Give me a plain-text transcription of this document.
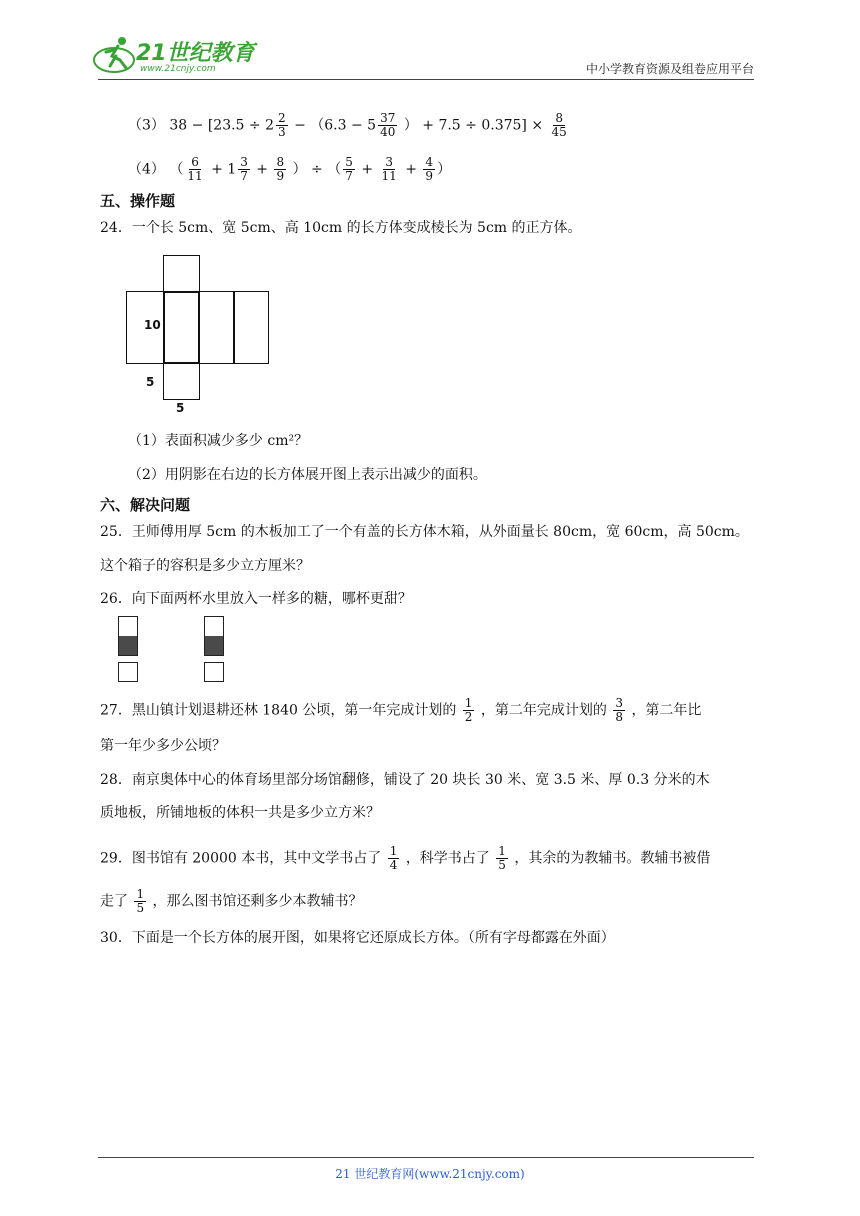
21世纪教育
www.21cnjy.com	中小学教育资源及组卷应用平台
（3） $38 - [23.5 \div 2 \frac{2}{3} - (6.3 - 5 \frac{37}{40}$ ） + $7.5 \div 0.375] \times \frac{8}{45}$
（4） （ $\frac{6}{11} + 1 \frac{3}{7} + \frac{8}{9}$ ） ÷ （ $\frac{5}{7} + \frac{3}{11} + \frac{4}{9}$ ）
五、操作题
24．一个长 5cm、宽 5cm、高 10cm 的长方体变成棱长为 5cm 的正方体。
10
5
5
（1）表面积减少多少 cm²？
（2）用阴影在右边的长方体展开图上表示出减少的面积。
六、解决问题
25．王师傅用厚 5cm 的木板加工了一个有盖的长方体木箱，从外面量长 80cm，宽 60cm，高 50cm。
这个箱子的容积是多少立方厘米？
26．向下面两杯水里放入一样多的糖，哪杯更甜？
27．黑山镇计划退耕还林 1840 公顷，第一年完成计划的 $\frac{1}{2}$ ，第二年完成计划的 $\frac{3}{8}$ ，第二年比
第一年少多少公顷？
28．南京奥体中心的体育场里部分场馆翻修，铺设了 20 块长 30 米、宽 3.5 米、厚 0.3 分米的木
质地板，所铺地板的体积一共是多少立方米？
29．图书馆有 20000 本书，其中文学书占了 $\frac{1}{4}$ ，科学书占了 $\frac{1}{5}$ ，其余的为教辅书。教辅书被借
走了 $\frac{1}{5}$ ，那么图书馆还剩多少本教辅书？
30．下面是一个长方体的展开图，如果将它还原成长方体。（所有字母都露在外面）
21 世纪教育网(www.21cnjy.com)
